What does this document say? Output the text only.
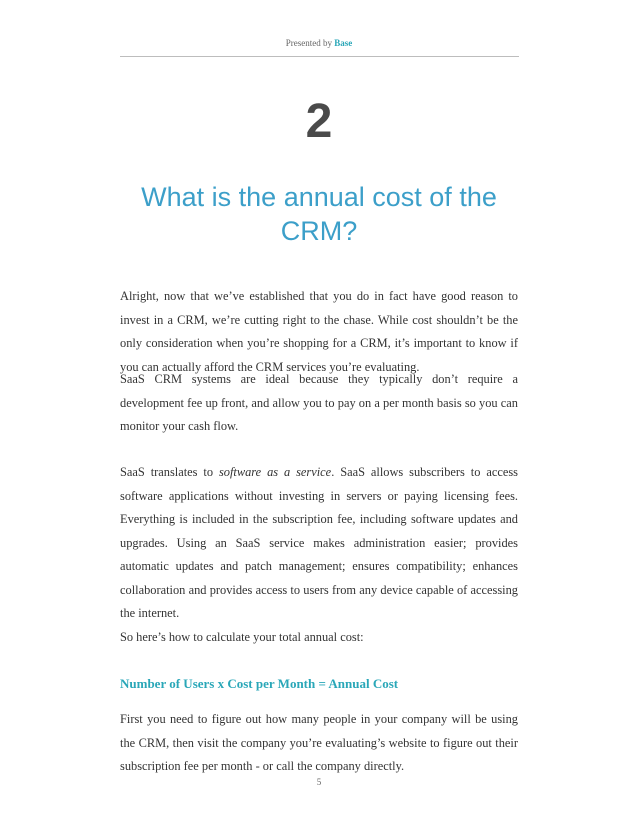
Presented by Base
2
What is the annual cost of the CRM?

Alright, now that we’ve established that you do in fact have good reason to invest in a CRM, we’re cutting right to the chase. While cost shouldn’t be the only consideration when you’re shopping for a CRM, it’s important to know if you can actually afford the CRM services you’re evaluating.

SaaS CRM systems are ideal because they typically don’t require a development fee up front, and allow you to pay on a per month basis so you can monitor your cash flow.

SaaS translates to software as a service. SaaS allows subscribers to access software applications without investing in servers or paying licensing fees. Everything is included in the subscription fee, including software updates and upgrades. Using an SaaS service makes administration easier; provides automatic updates and patch management; ensures compatibility; enhances collaboration and provides access to users from any device capable of accessing the internet.

So here’s how to calculate your total annual cost:

Number of Users x Cost per Month = Annual Cost

First you need to figure out how many people in your company will be using the CRM, then visit the company you’re evaluating’s website to figure out their subscription fee per month - or call the company directly.

5
